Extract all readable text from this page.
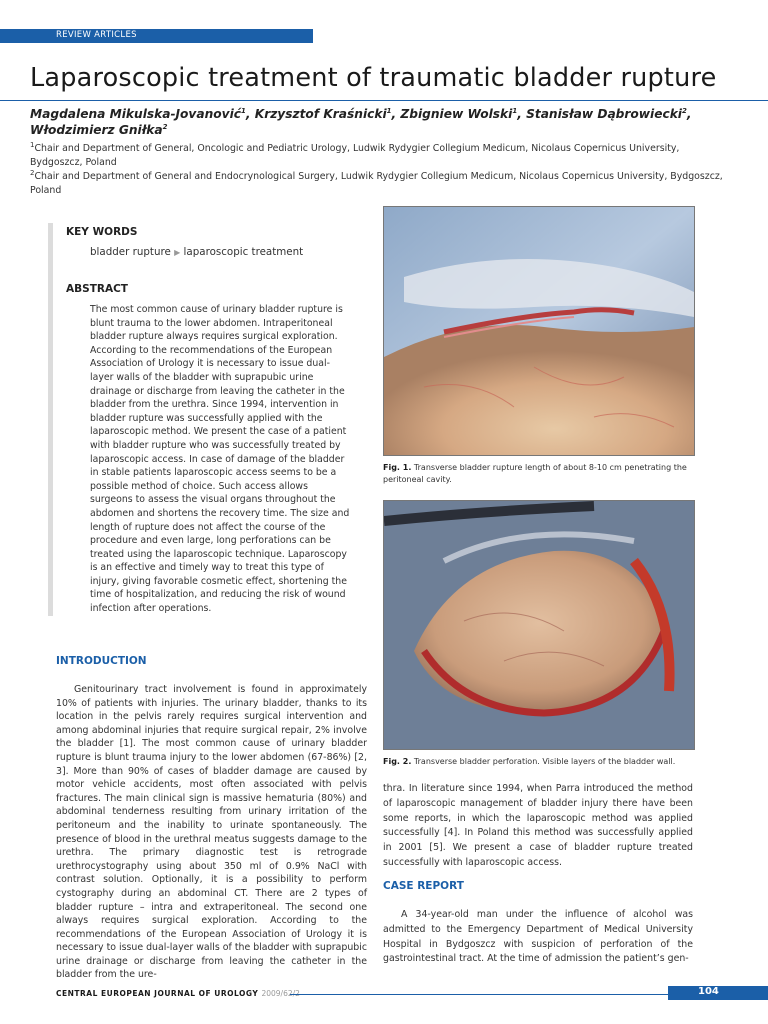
REVIEW ARTICLES
Laparoscopic treatment of traumatic bladder rupture
Magdalena Mikulska-Jovanović$^1$, Krzysztof Kraśnicki$^1$, Zbigniew Wolski$^1$, Stanisław Dąbrowiecki$^2$,
Włodzimierz Gniłka$^2$
$^1$Chair and Department of General, Oncologic and Pediatric Urology, Ludwik Rydygier Collegium Medicum, Nicolaus Copernicus University, Bydgoszcz, Poland
$^2$Chair and Department of General and Endocrynological Surgery, Ludwik Rydygier Collegium Medicum, Nicolaus Copernicus University, Bydgoszcz, Poland
KEY WORDS
bladder rupture ▶ laparoscopic treatment
ABSTRACT

The most common cause of urinary bladder rupture is blunt trauma to the lower abdomen. Intraperitoneal bladder rupture always requires surgical exploration. According to the recommendations of the European Association of Urology it is necessary to issue dual-layer walls of the bladder with suprapubic urine drainage or discharge from leaving the catheter in the bladder from the urethra. Since 1994, intervention in bladder rupture was successfully applied with the laparoscopic method. We present the case of a patient with bladder rupture who was successfully treated by laparoscopic access. In case of damage of the bladder in stable patients laparoscopic access seems to be a possible method of choice. Such access allows surgeons to assess the visual organs throughout the abdomen and shortens the recovery time. The size and length of rupture does not affect the course of the procedure and even large, long perforations can be treated using the laparoscopic technique. Laparoscopy is an effective and timely way to treat this type of injury, giving favorable cosmetic effect, shortening the time of hospitalization, and reducing the risk of wound infection after operations.

INTRODUCTION

Genitourinary tract involvement is found in approximately 10% of patients with injuries. The urinary bladder, thanks to its location in the pelvis rarely requires surgical intervention and among abdominal injuries that require surgical repair, 2% involve the bladder [1]. The most common cause of urinary bladder rupture is blunt trauma injury to the lower abdomen (67-86%) [2, 3]. More than 90% of cases of bladder damage are caused by motor vehicle accidents, most often associated with pelvis fractures. The main clinical sign is massive hematuria (80%) and abdominal tenderness resulting from urinary irritation of the peritoneum and the inability to urinate spontaneously. The presence of blood in the urethral meatus suggests damage to the urethra. The primary diagnostic test is retrograde urethrocystography using about 350 ml of 0.9% NaCl with contrast solution. Optionally, it is a possibility to perform cystography during an abdominal CT. There are 2 types of bladder rupture – intra and extraperitoneal. The second one always requires surgical exploration. According to the recommendations of the European Association of Urology it is necessary to issue dual-layer walls of the bladder with suprapubic urine drainage or discharge from leaving the catheter in the bladder from the ure-

Fig. 1. Transverse bladder rupture length of about 8-10 cm penetrating the peritoneal cavity.
Fig. 2. Transverse bladder perforation. Visible layers of the bladder wall.

thra. In literature since 1994, when Parra introduced the method of laparoscopic management of bladder injury there have been some reports, in which the laparoscopic method was applied successfully [4]. In Poland this method was successfully applied in 2001 [5]. We present a case of bladder rupture treated successfully with laparoscopic access.

CASE REPORT

A 34-year-old man under the influence of alcohol was admitted to the Emergency Department of Medical University Hospital in Bydgoszcz with suspicion of perforation of the gastrointestinal tract. At the time of admission the patient’s gen-

CENTRAL EUROPEAN JOURNAL OF UROLOGY 2009/62/2	104
